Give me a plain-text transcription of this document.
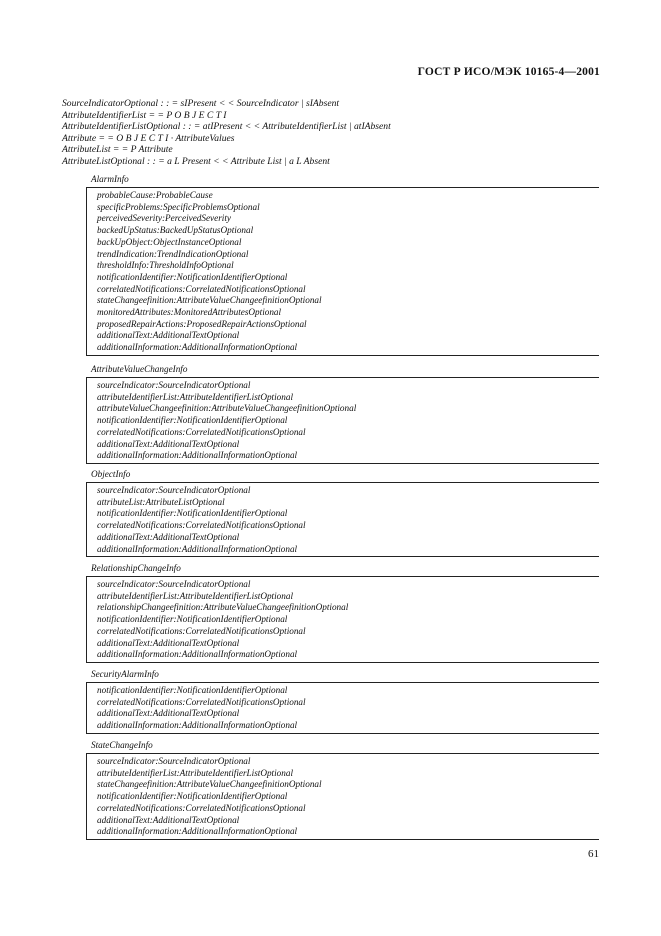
ГОСТ Р ИСО/МЭК 10165-4—2001
SourceIndicatorOptional : : = sIPresent < < SourceIndicator | sIAbsent
AttributeIdentifierList = = P O B J E C T I
AttributeIdentifierListOptional : : = atIPresent < < AttributeIdentifierList | atIAbsent
Attribute = = O B J E C T I · AttributeValues
AttributeList = = P Attribute
AttributeListOptional : : = a L Present < < Attribute List | a L Absent
AlarmInfo
probableCause:ProbableCause
specificProblems:SpecificProblemsOptional
perceivedSeverity:PerceivedSeverity
backedUpStatus:BackedUpStatusOptional
backUpObject:ObjectInstanceOptional
trendIndication:TrendIndicationOptional
thresholdInfo:ThresholdInfoOptional
notificationIdentifier:NotificationIdentifierOptional
correlatedNotifications:CorrelatedNotificationsOptional
stateChangeefinition:AttributeValueChangeefinitionOptional
monitoredAttributes:MonitoredAttributesOptional
proposedRepairActions:ProposedRepairActionsOptional
additionalText:AdditionalTextOptional
additionalInformation:AdditionalInformationOptional
AttributeValueChangeInfo
sourceIndicator:SourceIndicatorOptional
attributeIdentifierList:AttributeIdentifierListOptional
attributeValueChangeefinition:AttributeValueChangeefinitionOptional
notificationIdentifier:NotificationIdentifierOptional
correlatedNotifications:CorrelatedNotificationsOptional
additionalText:AdditionalTextOptional
additionalInformation:AdditionalInformationOptional
ObjectInfo
sourceIndicator:SourceIndicatorOptional
attributeList:AttributeListOptional
notificationIdentifier:NotificationIdentifierOptional
correlatedNotifications:CorrelatedNotificationsOptional
additionalText:AdditionalTextOptional
additionalInformation:AdditionalInformationOptional
RelationshipChangeInfo
sourceIndicator:SourceIndicatorOptional
attributeIdentifierList:AttributeIdentifierListOptional
relationshipChangeefinition:AttributeValueChangeefinitionOptional
notificationIdentifier:NotificationIdentifierOptional
correlatedNotifications:CorrelatedNotificationsOptional
additionalText:AdditionalTextOptional
additionalInformation:AdditionalInformationOptional
SecurityAlarmInfo
notificationIdentifier:NotificationIdentifierOptional
correlatedNotifications:CorrelatedNotificationsOptional
additionalText:AdditionalTextOptional
additionalInformation:AdditionalInformationOptional
StateChangeInfo
sourceIndicator:SourceIndicatorOptional
attributeIdentifierList:AttributeIdentifierListOptional
stateChangeefinition:AttributeValueChangeefinitionOptional
notificationIdentifier:NotificationIdentifierOptional
correlatedNotifications:CorrelatedNotificationsOptional
additionalText:AdditionalTextOptional
additionalInformation:AdditionalInformationOptional
61
